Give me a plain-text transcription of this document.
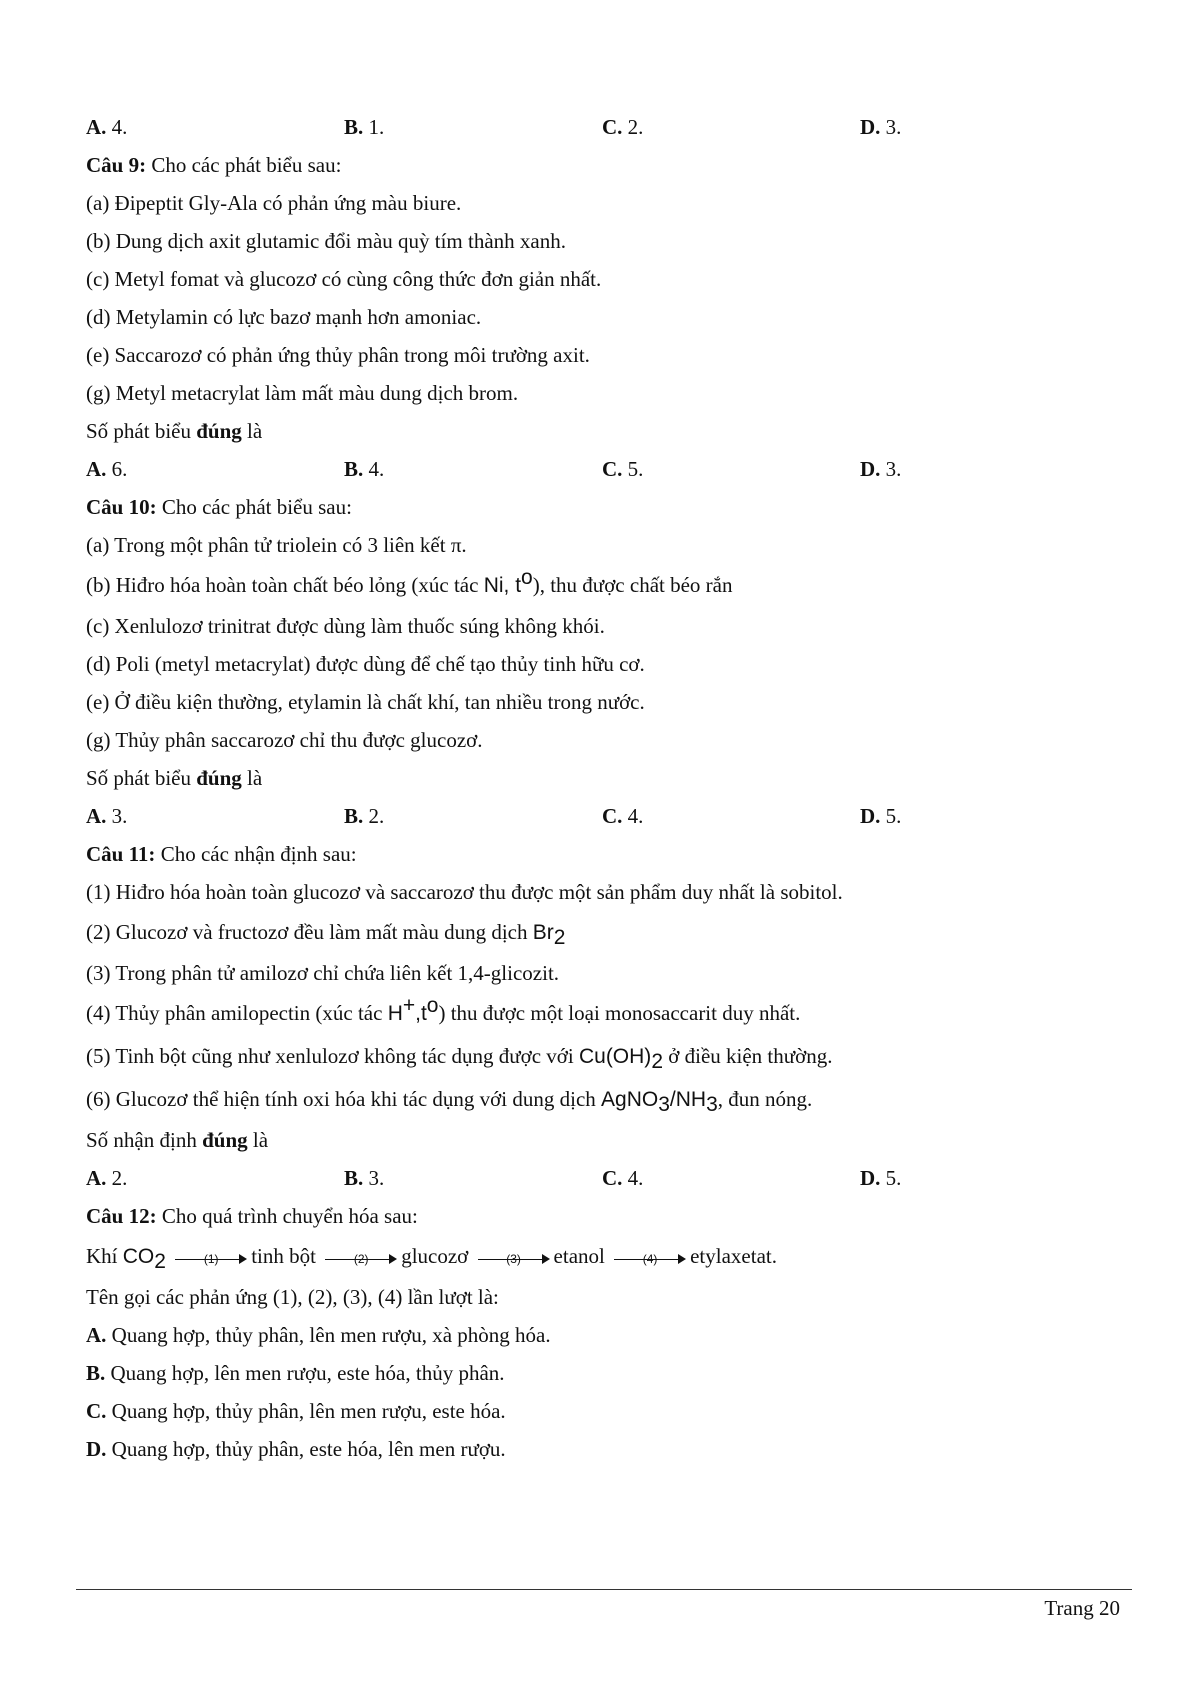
A. 4.	B. 1.	C. 2.	D. 3.
Câu 9: Cho các phát biểu sau:
(a) Đipeptit Gly-Ala có phản ứng màu biure.
(b) Dung dịch axit glutamic đổi màu quỳ tím thành xanh.
(c) Metyl fomat và glucozơ có cùng công thức đơn giản nhất.
(d) Metylamin có lực bazơ mạnh hơn amoniac.
(e) Saccarozơ có phản ứng thủy phân trong môi trường axit.
(g) Metyl metacrylat làm mất màu dung dịch brom.
Số phát biểu đúng là
A. 6.	B. 4.	C. 5.	D. 3.
Câu 10: Cho các phát biểu sau:
(a) Trong một phân tử triolein có 3 liên kết π.
(b) Hiđro hóa hoàn toàn chất béo lỏng (xúc tác Ni, $t^o$), thu được chất béo rắn
(c) Xenlulozơ trinitrat được dùng làm thuốc súng không khói.
(d) Poli (metyl metacrylat) được dùng để chế tạo thủy tinh hữu cơ.
(e) Ở điều kiện thường, etylamin là chất khí, tan nhiều trong nước.
(g) Thủy phân saccarozơ chỉ thu được glucozơ.
Số phát biểu đúng là
A. 3.	B. 2.	C. 4.	D. 5.
Câu 11: Cho các nhận định sau:
(1) Hiđro hóa hoàn toàn glucozơ và saccarozơ thu được một sản phẩm duy nhất là sobitol.
(2) Glucozơ và fructozơ đều làm mất màu dung dịch $Br_2$
(3) Trong phân tử amilozơ chỉ chứa liên kết 1,4-glicozit.
(4) Thủy phân amilopectin (xúc tác $H^+,t^o$) thu được một loại monosaccarit duy nhất.
(5) Tinh bột cũng như xenlulozơ không tác dụng được với $Cu(OH)_2$ ở điều kiện thường.
(6) Glucozơ thể hiện tính oxi hóa khi tác dụng với dung dịch $AgNO_3/NH_3$, đun nóng.
Số nhận định đúng là
A. 2.	B. 3.	C. 4.	D. 5.
Câu 12: Cho quá trình chuyển hóa sau:
Khí $CO_2$	(1)	tinh bột	(2)	glucozơ	(3)	etanol	(4)	etylaxetat.
Tên gọi các phản ứng (1), (2), (3), (4) lần lượt là:
A. Quang hợp, thủy phân, lên men rượu, xà phòng hóa.
B. Quang hợp, lên men rượu, este hóa, thủy phân.
C. Quang hợp, thủy phân, lên men rượu, este hóa.
D. Quang hợp, thủy phân, este hóa, lên men rượu.
Trang 20
